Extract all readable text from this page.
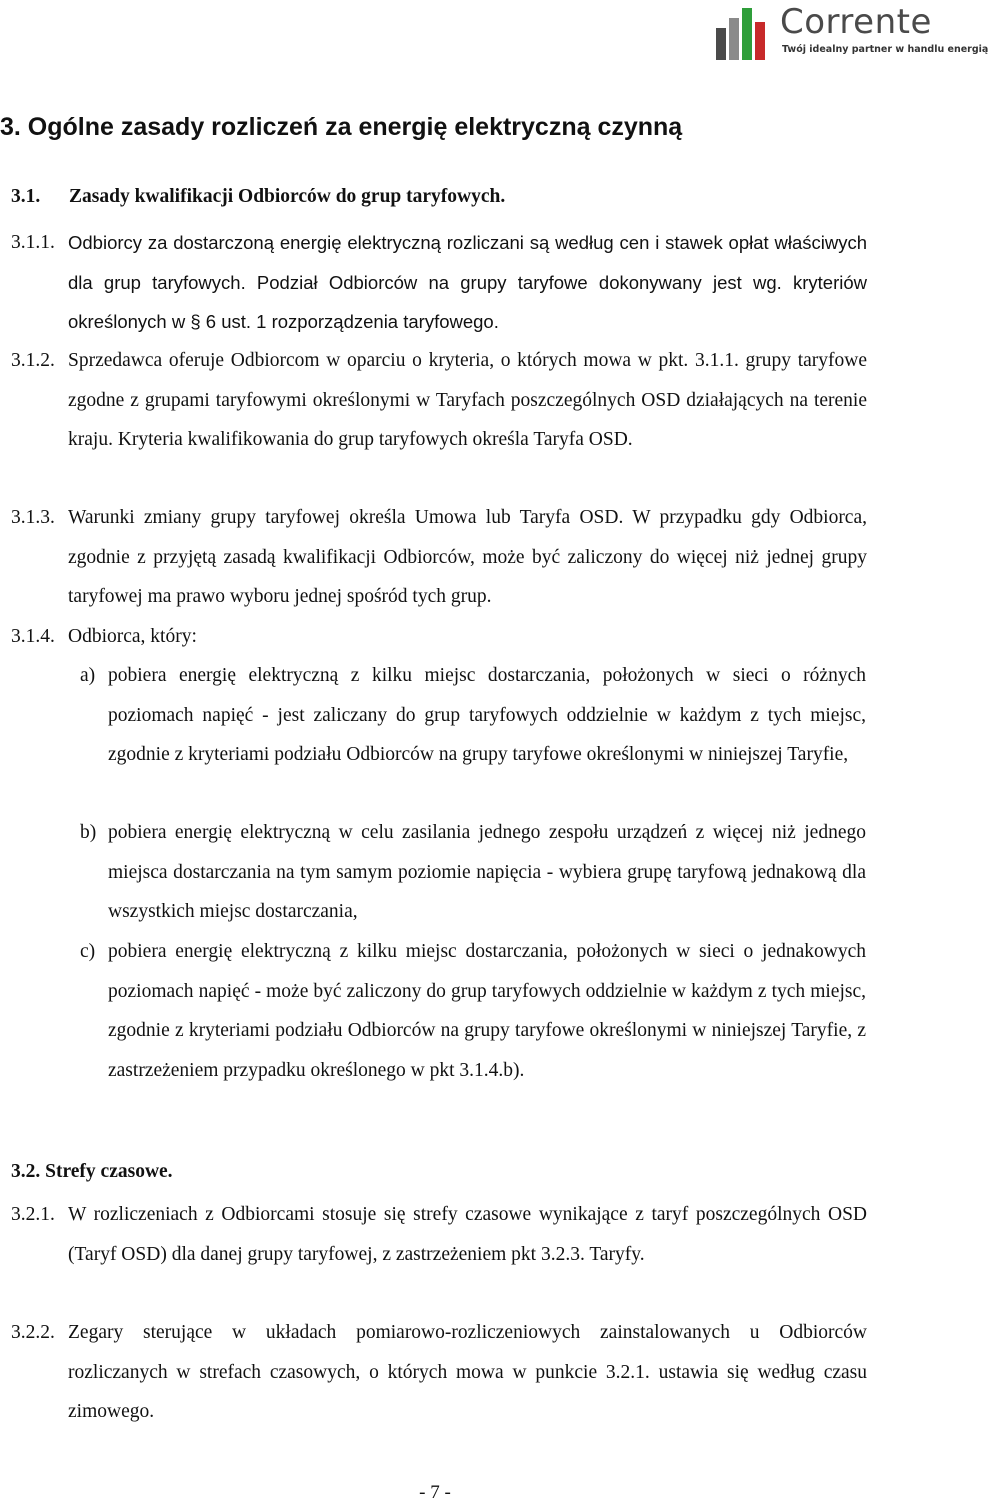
Corrente
Twój idealny partner w handlu energią
3. Ogólne zasady rozliczeń za energię elektryczną czynną
3.1. Zasady kwalifikacji Odbiorców do grup taryfowych.
3.1.1. Odbiorcy za dostarczoną energię elektryczną rozliczani są według cen i stawek opłat właściwych dla grup taryfowych. Podział Odbiorców na grupy taryfowe dokonywany jest wg. kryteriów określonych w § 6 ust. 1 rozporządzenia taryfowego.
3.1.2. Sprzedawca oferuje Odbiorcom w oparciu o kryteria, o których mowa w pkt. 3.1.1. grupy taryfowe zgodne z grupami taryfowymi określonymi w Taryfach poszczególnych OSD działających na terenie kraju. Kryteria kwalifikowania do grup taryfowych określa Taryfa OSD.
3.1.3. Warunki zmiany grupy taryfowej określa Umowa lub Taryfa OSD. W przypadku gdy Odbiorca, zgodnie z przyjętą zasadą kwalifikacji Odbiorców, może być zaliczony do więcej niż jednej grupy taryfowej ma prawo wyboru jednej spośród tych grup.
3.1.4. Odbiorca, który:
a) pobiera energię elektryczną z kilku miejsc dostarczania, położonych w sieci o różnych poziomach napięć - jest zaliczany do grup taryfowych oddzielnie w każdym z tych miejsc, zgodnie z kryteriami podziału Odbiorców na grupy taryfowe określonymi w niniejszej Taryfie,
b) pobiera energię elektryczną w celu zasilania jednego zespołu urządzeń z więcej niż jednego miejsca dostarczania na tym samym poziomie napięcia - wybiera grupę taryfową jednakową dla wszystkich miejsc dostarczania,
c) pobiera energię elektryczną z kilku miejsc dostarczania, położonych w sieci o jednakowych poziomach napięć - może być zaliczony do grup taryfowych oddzielnie w każdym z tych miejsc, zgodnie z kryteriami podziału Odbiorców na grupy taryfowe określonymi w niniejszej Taryfie, z zastrzeżeniem przypadku określonego w pkt 3.1.4.b).
3.2. Strefy czasowe.
3.2.1. W rozliczeniach z Odbiorcami stosuje się strefy czasowe wynikające z taryf poszczególnych OSD (Taryf OSD) dla danej grupy taryfowej, z zastrzeżeniem pkt 3.2.3. Taryfy.
3.2.2. Zegary sterujące w układach pomiarowo-rozliczeniowych zainstalowanych u Odbiorców rozliczanych w strefach czasowych, o których mowa w punkcie 3.2.1. ustawia się według czasu zimowego.
- 7 -
